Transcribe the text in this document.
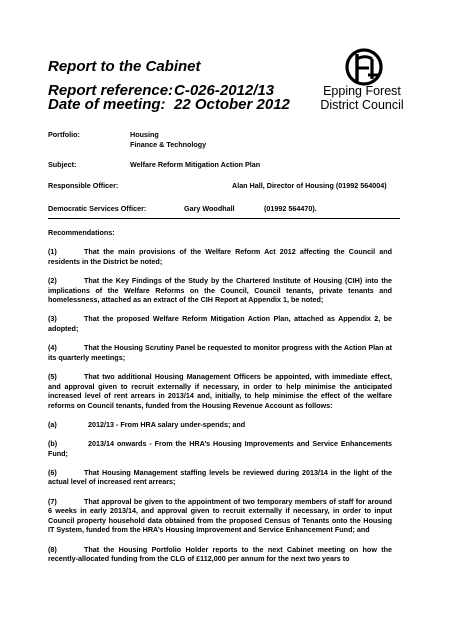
Report to the Cabinet
Report reference: C-026-2012/13
Date of meeting: 22 October 2012
Epping Forest
District Council
Portfolio:	Housing
Finance & Technology
Subject:	Welfare Reform Mitigation Action Plan
Responsible Officer:	Alan Hall, Director of Housing (01992 564004)
Democratic Services Officer:	Gary Woodhall	(01992 564470).

Recommendations:

(1)	That the main provisions of the Welfare Reform Act 2012 affecting the Council and residents in the District be noted;

(2)	That the Key Findings of the Study by the Chartered Institute of Housing (CIH) into the implications of the Welfare Reforms on the Council, Council tenants, private tenants and homelessness, attached as an extract of the CIH Report at Appendix 1, be noted;

(3)	That the proposed Welfare Reform Mitigation Action Plan, attached as Appendix 2, be adopted;

(4)	That the Housing Scrutiny Panel be requested to monitor progress with the Action Plan at its quarterly meetings;

(5)	That two additional Housing Management Officers be appointed, with immediate effect, and approval given to recruit externally if necessary, in order to help minimise the anticipated increased level of rent arrears in 2013/14 and, initially, to help minimise the effect of the welfare reforms on Council tenants, funded from the Housing Revenue Account as follows:

(a)	2012/13 - From HRA salary under-spends; and

(b)	2013/14 onwards - From the HRA’s Housing Improvements and Service Enhancements Fund;

(6)	That Housing Management staffing levels be reviewed during 2013/14 in the light of the actual level of increased rent arrears;

(7)	That approval be given to the appointment of two temporary members of staff for around 6 weeks in early 2013/14, and approval given to recruit externally if necessary, in order to input Council property household data obtained from the proposed Census of Tenants onto the Housing IT System, funded from the HRA’s Housing Improvement and Service Enhancement Fund; and

(8)	That the Housing Portfolio Holder reports to the next Cabinet meeting on how the recently-allocated funding from the CLG of £112,000 per annum for the next two years to
